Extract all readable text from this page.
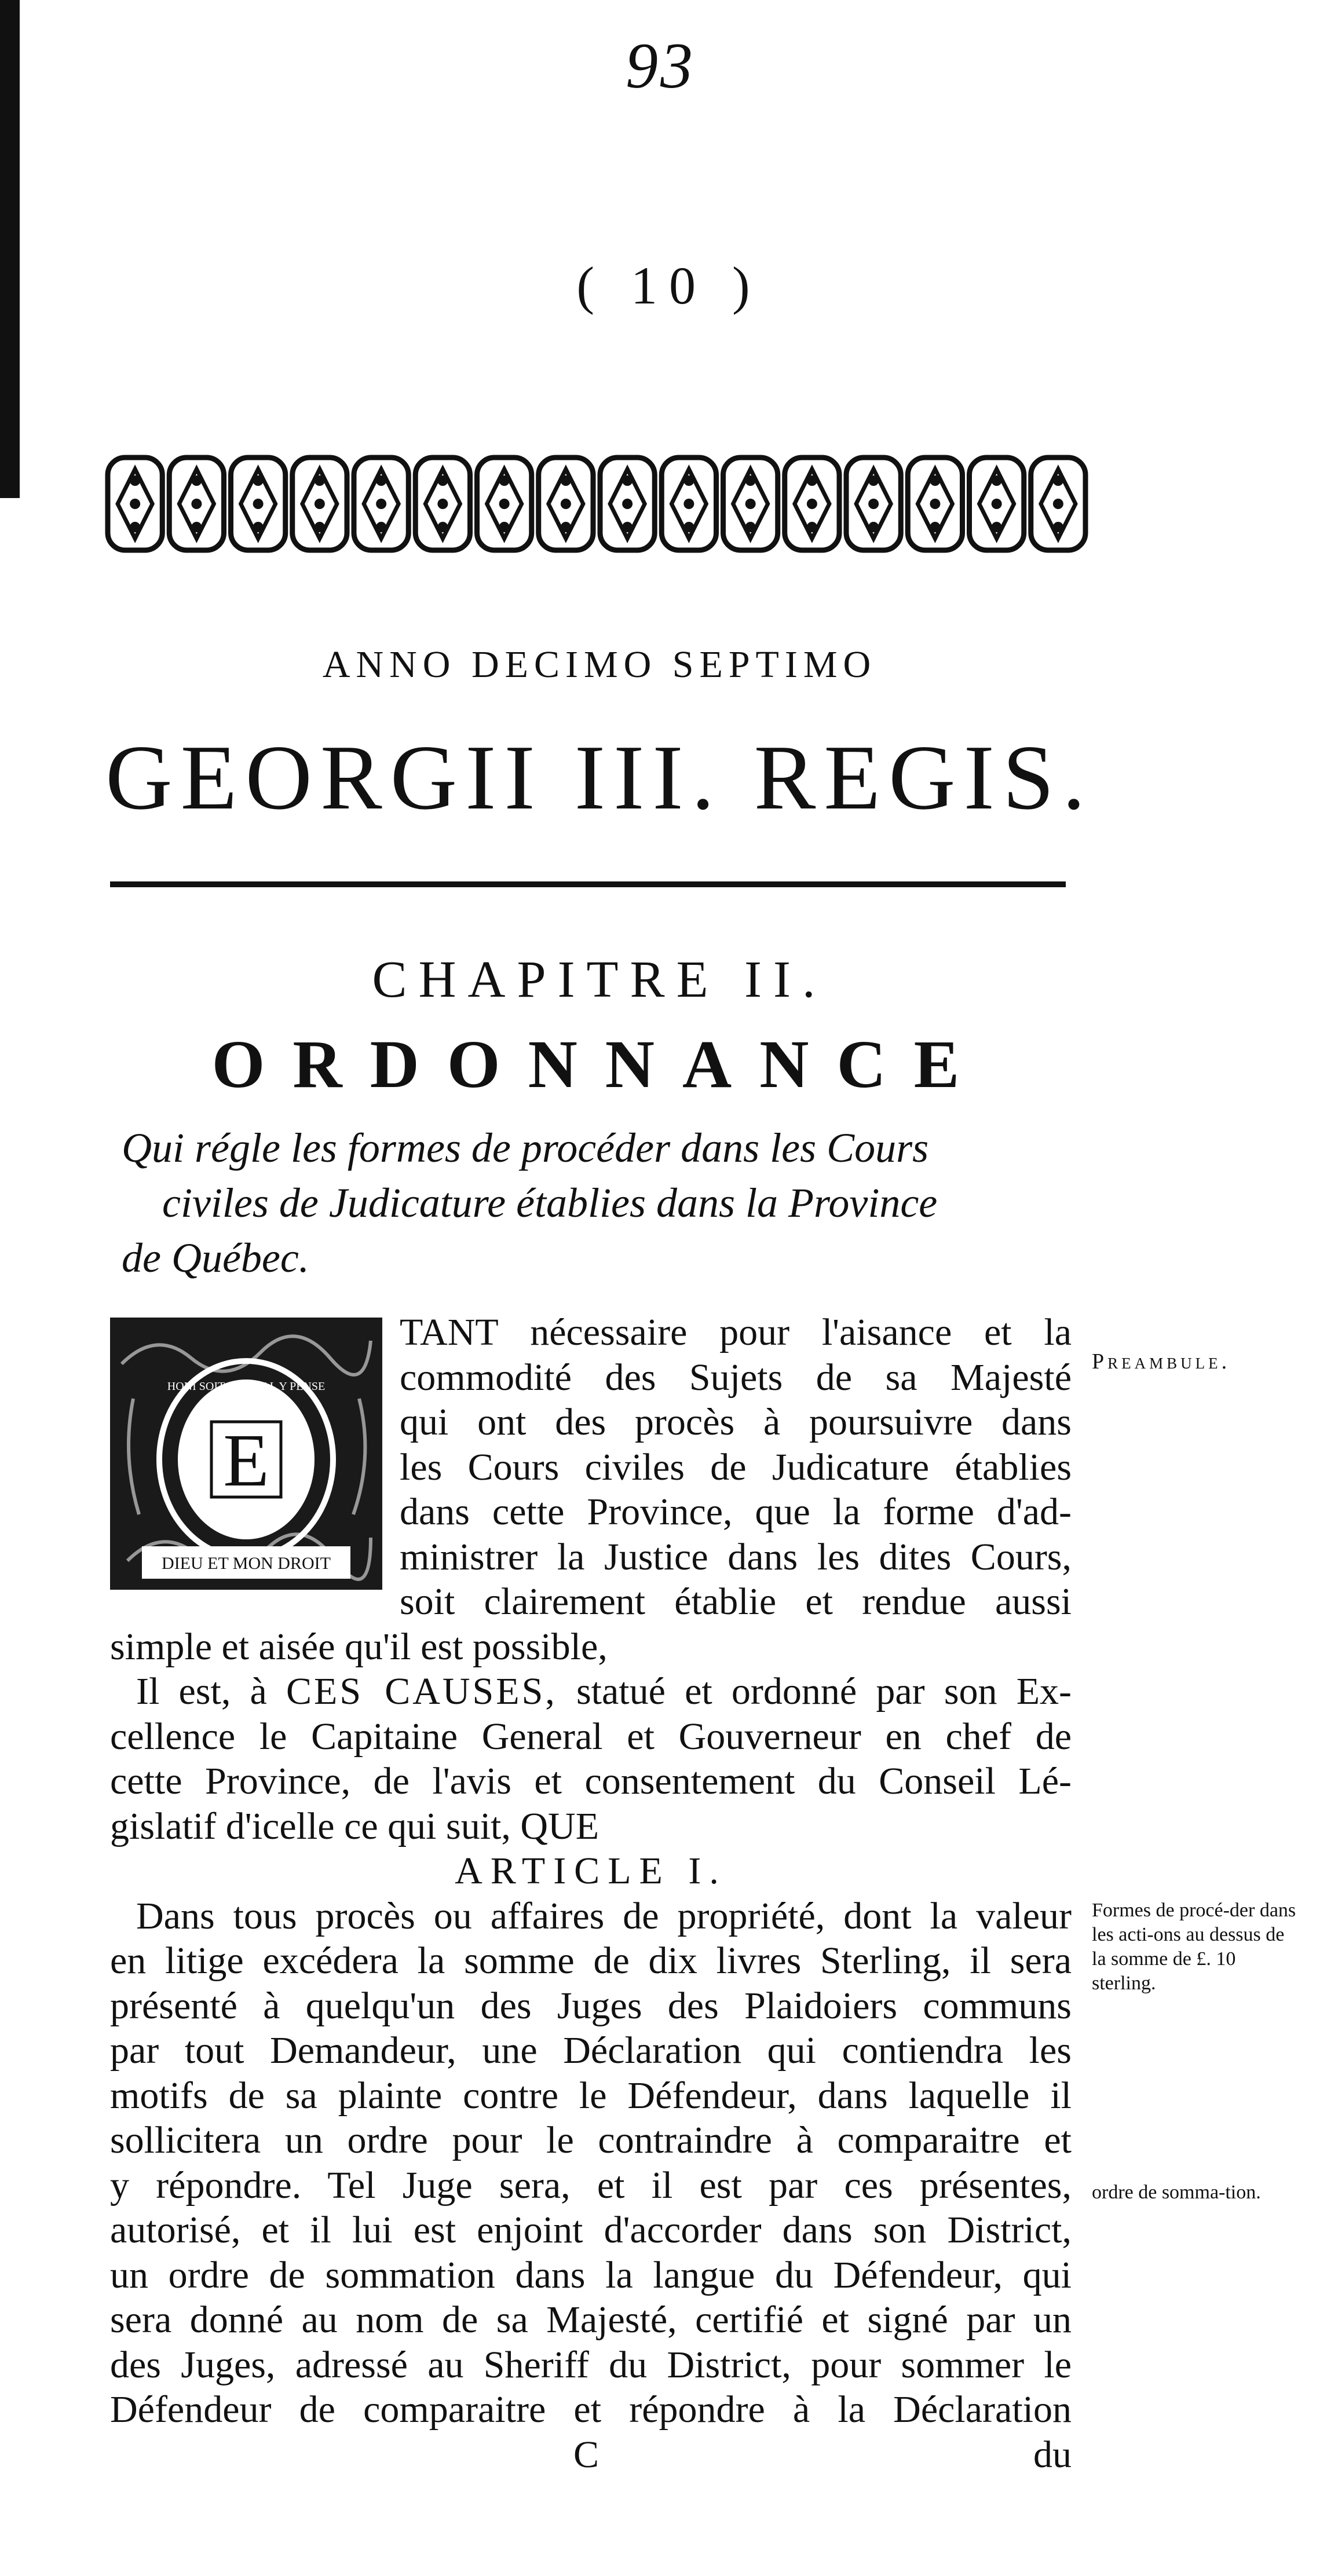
93
( 10 )
ANNO DECIMO SEPTIMO
GEORGII III. REGIS.
CHAPITRE II.
ORDONNANCE
Qui régle les formes de procéder dans les Cours
civiles de Judicature établies dans la Province
de Québec.
E
DIEU ET MON DROIT
HONI SOIT QUI MAL Y PENSE
TANT nécessaire pour l'aisance et la
commodité des Sujets de sa Majesté
qui ont des procès à poursuivre dans
les Cours civiles de Judicature établies
dans cette Province, que la forme d'ad-
ministrer la Justice dans les dites Cours,
soit clairement établie et rendue aussi
simple et aisée qu'il est possible,
Il est, à CES CAUSES, statué et ordonné par son Ex-
cellence le Capitaine General et Gouverneur en chef de
cette Province, de l'avis et consentement du Conseil Lé-
gislatif d'icelle ce qui suit, QUE
ARTICLE I.
Dans tous procès ou affaires de propriété, dont la valeur
en litige excédera la somme de dix livres Sterling, il sera
présenté à quelqu'un des Juges des Plaidoiers communs
par tout Demandeur, une Déclaration qui contiendra les
motifs de sa plainte contre le Défendeur, dans laquelle il
sollicitera un ordre pour le contraindre à comparaitre et
y répondre. Tel Juge sera, et il est par ces présentes,
autorisé, et il lui est enjoint d'accorder dans son District,
un ordre de sommation dans la langue du Défendeur, qui
sera donné au nom de sa Majesté, certifié et signé par un
des Juges, adressé au Sheriff du District, pour sommer le
Défendeur de comparaitre et répondre à la Déclaration
C	du
Preambule.
Formes de procé-der dans les acti-ons au dessus de la somme de £. 10 sterling.
ordre de somma-tion.
